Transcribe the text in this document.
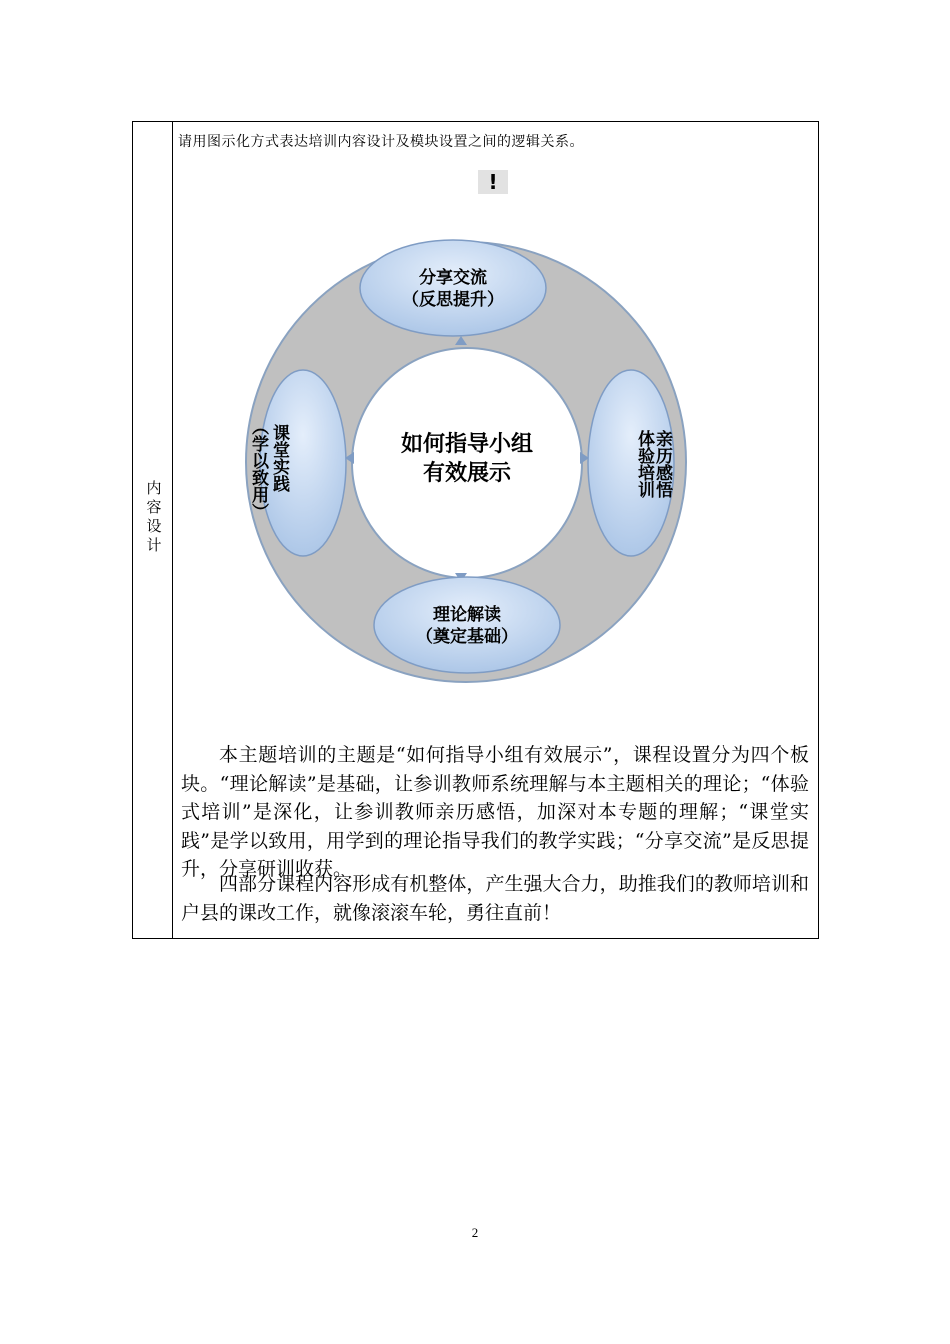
内容设计
请用图示化方式表达培训内容设计及模块设置之间的逻辑关系。
!
分享交流
（反思提升）
理论解读
（奠定基础）
课堂实践
（学以致用）	亲历感悟
体验培训
如何指导小组
有效展示

本主题培训的主题是“如何指导小组有效展示”，课程设置分为四个板块。“理论解读”是基础，让参训教师系统理解与本主题相关的理论；“体验式培训”是深化，让参训教师亲历感悟，加深对本专题的理解；“课堂实践”是学以致用，用学到的理论指导我们的教学实践；“分享交流”是反思提升，分享研训收获。

四部分课程内容形成有机整体，产生强大合力，助推我们的教师培训和户县的课改工作，就像滚滚车轮，勇往直前！

2
